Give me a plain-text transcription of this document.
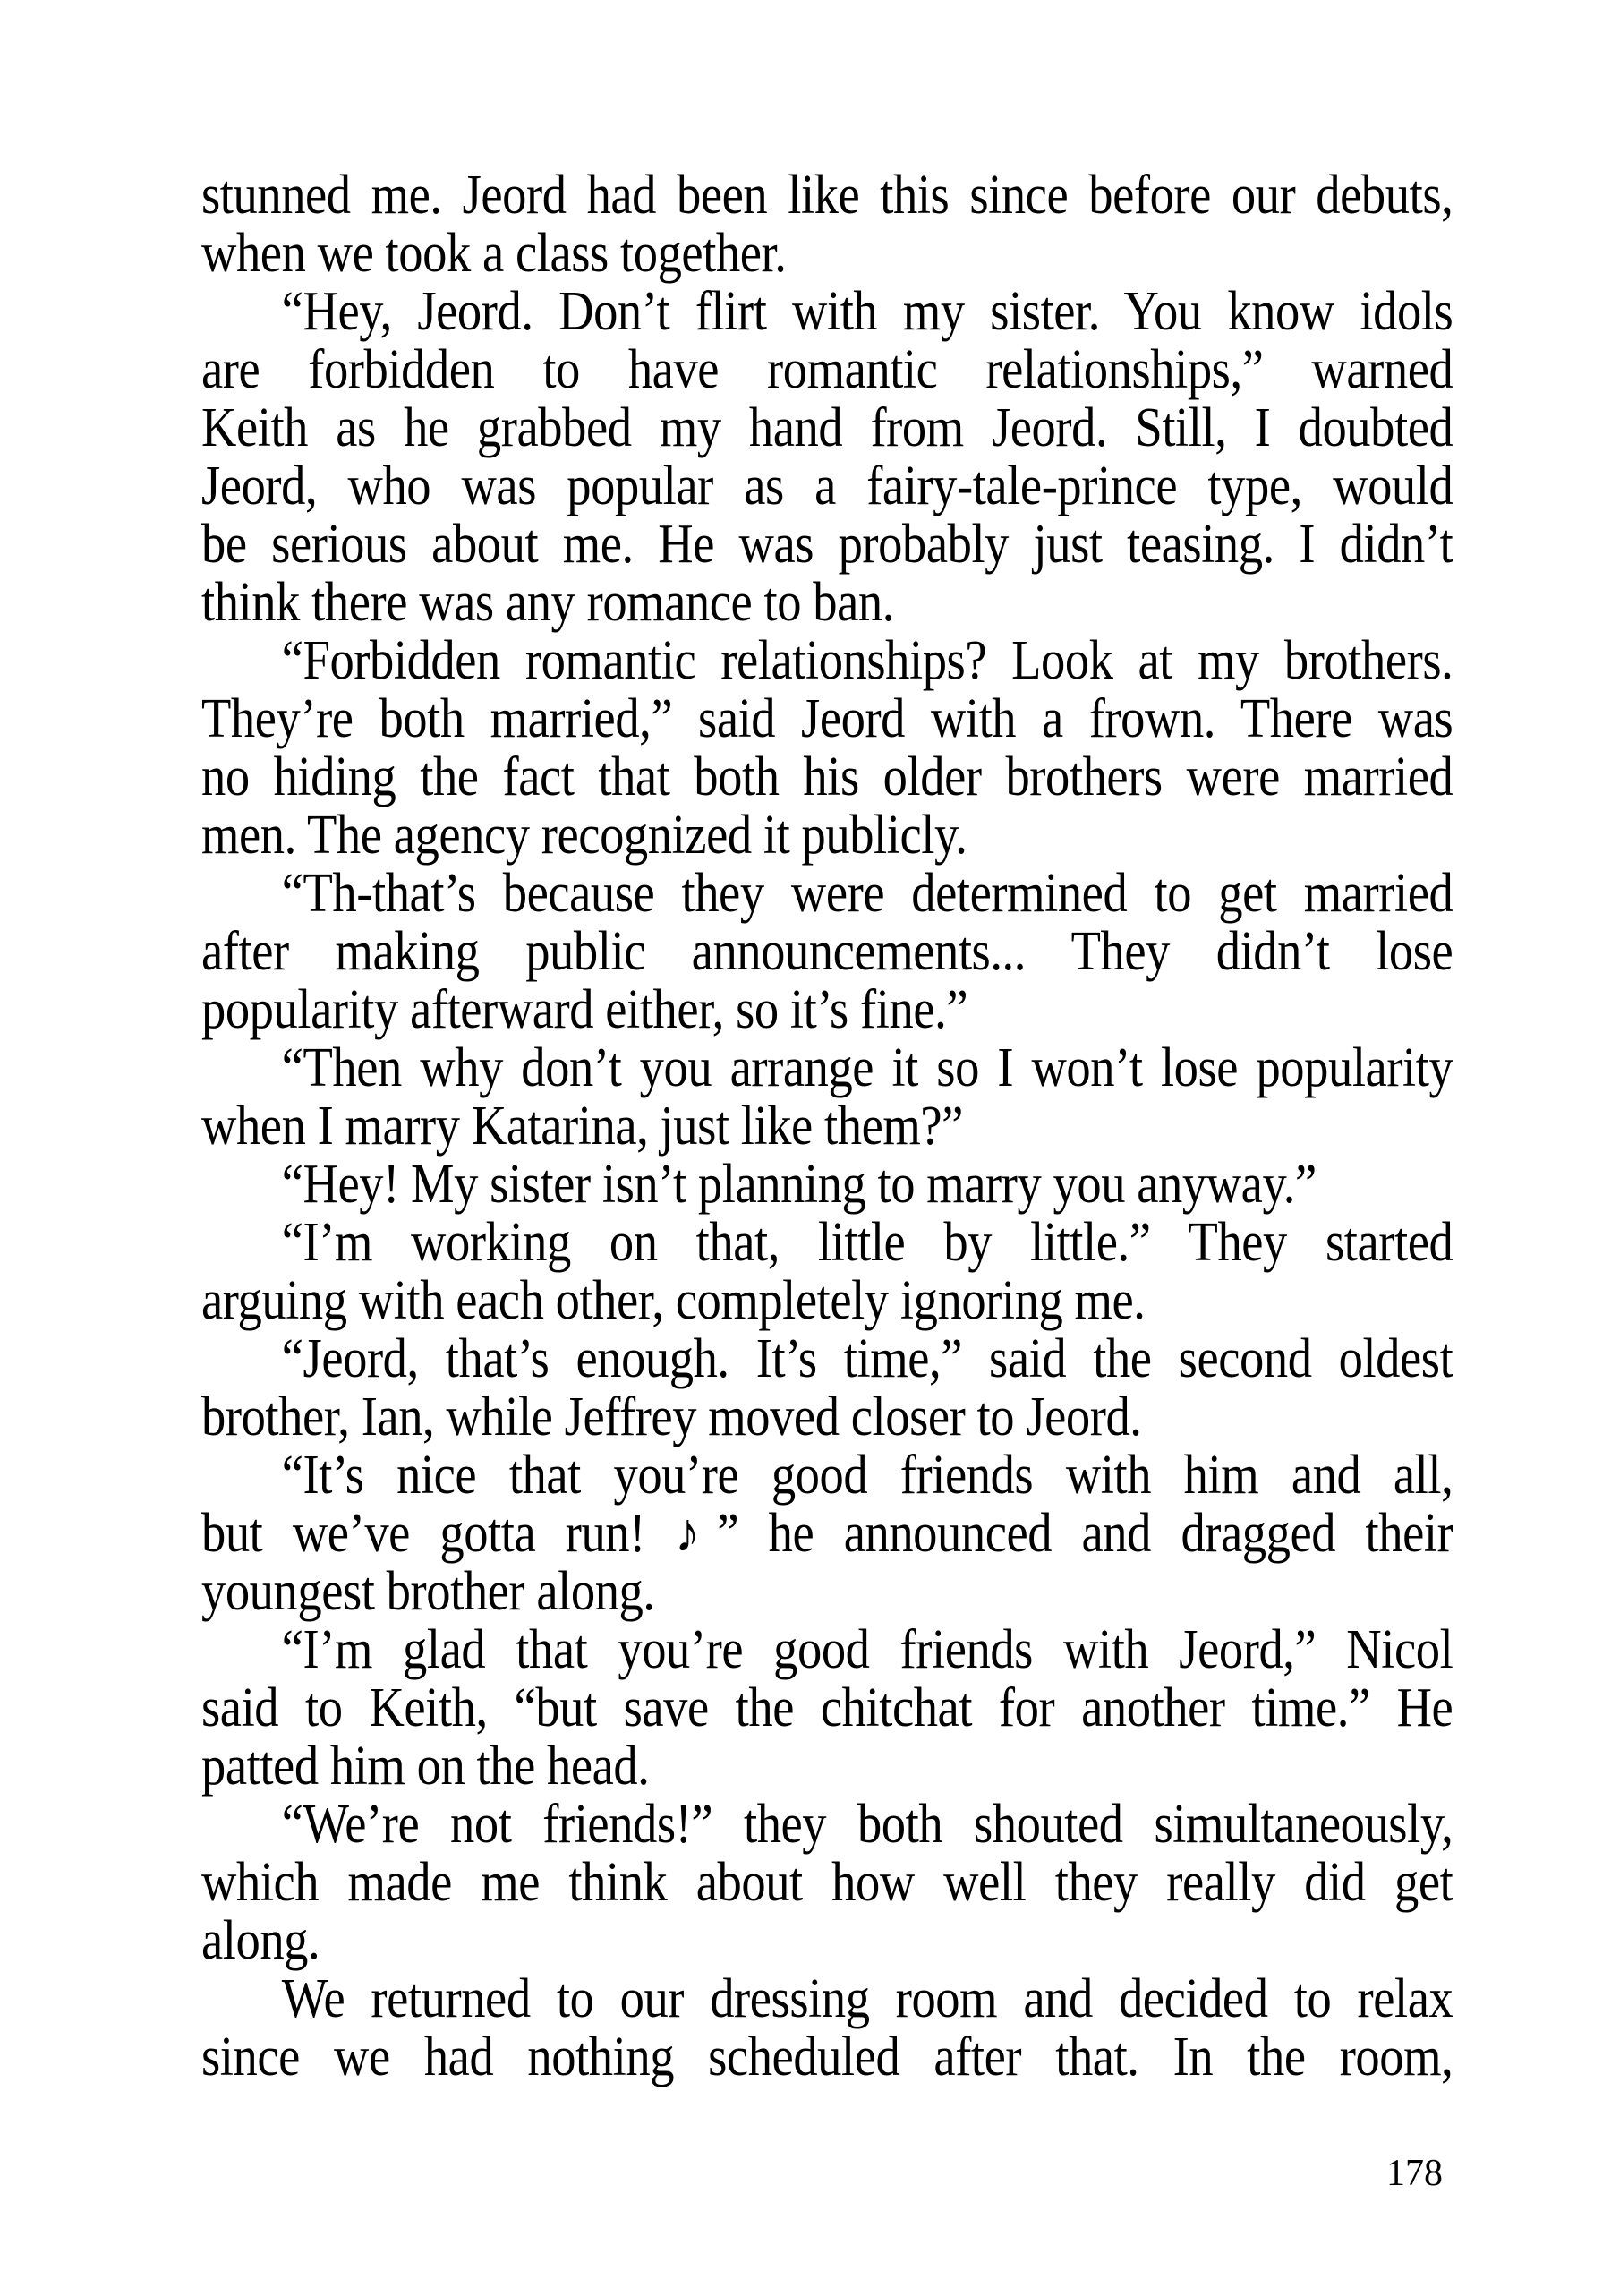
stunned me. Jeord had been like this since before our debuts,
when we took a class together.
“Hey, Jeord. Don’t flirt with my sister. You know idols
are forbidden to have romantic relationships,” warned
Keith as he grabbed my hand from Jeord. Still, I doubted
Jeord, who was popular as a fairy-tale-prince type, would
be serious about me. He was probably just teasing. I didn’t
think there was any romance to ban.
“Forbidden romantic relationships? Look at my brothers.
They’re both married,” said Jeord with a frown. There was
no hiding the fact that both his older brothers were married
men. The agency recognized it publicly.
“Th-that’s because they were determined to get married
after making public announcements... They didn’t lose
popularity afterward either, so it’s fine.”
“Then why don’t you arrange it so I won’t lose popularity
when I marry Katarina, just like them?”
“Hey! My sister isn’t planning to marry you anyway.”
“I’m working on that, little by little.” They started
arguing with each other, completely ignoring me.
“Jeord, that’s enough. It’s time,” said the second oldest
brother, Ian, while Jeffrey moved closer to Jeord.
“It’s nice that you’re good friends with him and all,
but we’ve gotta run! ♪” he announced and dragged their
youngest brother along.
“I’m glad that you’re good friends with Jeord,” Nicol
said to Keith, “but save the chitchat for another time.” He
patted him on the head.
“We’re not friends!” they both shouted simultaneously,
which made me think about how well they really did get
along.
We returned to our dressing room and decided to relax
since we had nothing scheduled after that. In the room,
178
